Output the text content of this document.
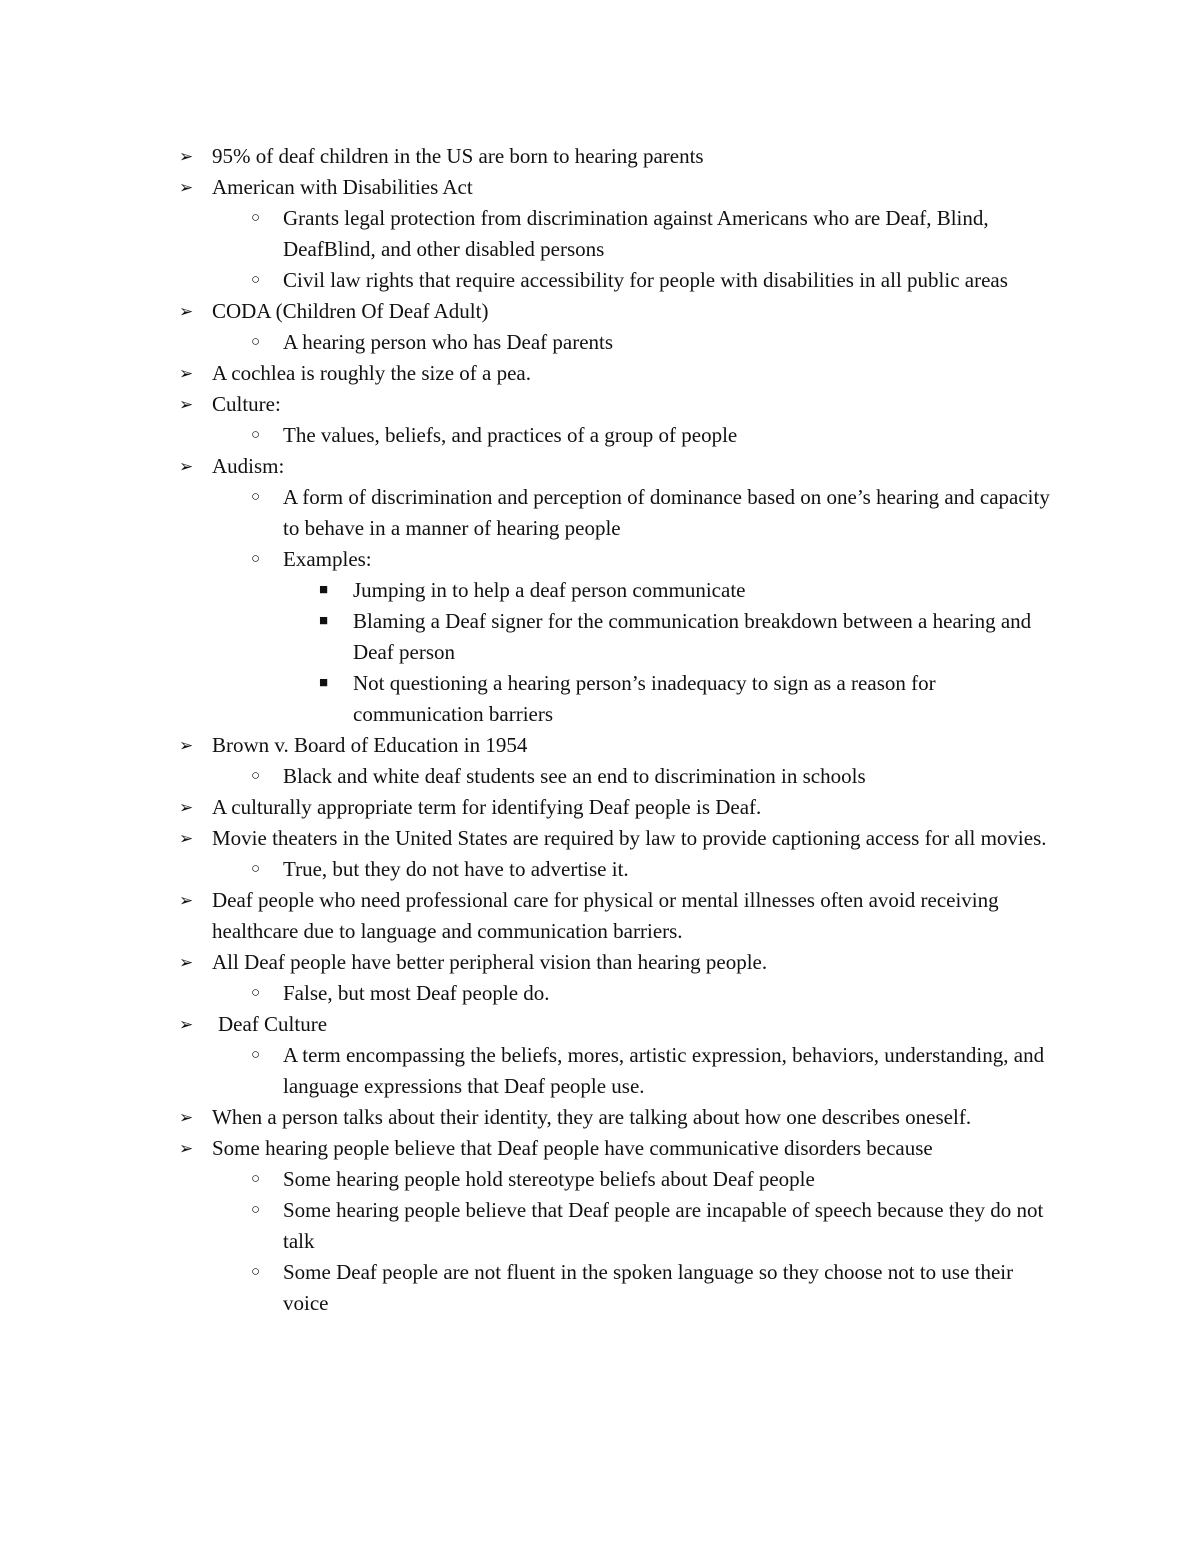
➢ 95% of deaf children in the US are born to hearing parents
➢ American with Disabilities Act
○	Grants legal protection from discrimination against Americans who are Deaf, Blind, DeafBlind, and other disabled persons
○	Civil law rights that require accessibility for people with disabilities in all public areas
➢ CODA (Children Of Deaf Adult)
○	A hearing person who has Deaf parents
➢ A cochlea is roughly the size of a pea.
➢ Culture:
○	The values, beliefs, and practices of a group of people
➢ Audism:
○	A form of discrimination and perception of dominance based on one’s hearing and capacity to behave in a manner of hearing people
○	Examples:
■	Jumping in to help a deaf person communicate
■	Blaming a Deaf signer for the communication breakdown between a hearing and Deaf person
■	Not questioning a hearing person’s inadequacy to sign as a reason for communication barriers
➢ Brown v. Board of Education in 1954
○	Black and white deaf students see an end to discrimination in schools
➢ A culturally appropriate term for identifying Deaf people is Deaf.
➢ Movie theaters in the United States are required by law to provide captioning access for all movies.
○	True, but they do not have to advertise it.
➢ Deaf people who need professional care for physical or mental illnesses often avoid receiving healthcare due to language and communication barriers.
➢ All Deaf people have better peripheral vision than hearing people.
○	False, but most Deaf people do.
➢	Deaf Culture
○	A term encompassing the beliefs, mores, artistic expression, behaviors, understanding, and language expressions that Deaf people use.
➢ When a person talks about their identity, they are talking about how one describes oneself.
➢ Some hearing people believe that Deaf people have communicative disorders because
○	Some hearing people hold stereotype beliefs about Deaf people
○	Some hearing people believe that Deaf people are incapable of speech because they do not talk
○	Some Deaf people are not fluent in the spoken language so they choose not to use their voice
